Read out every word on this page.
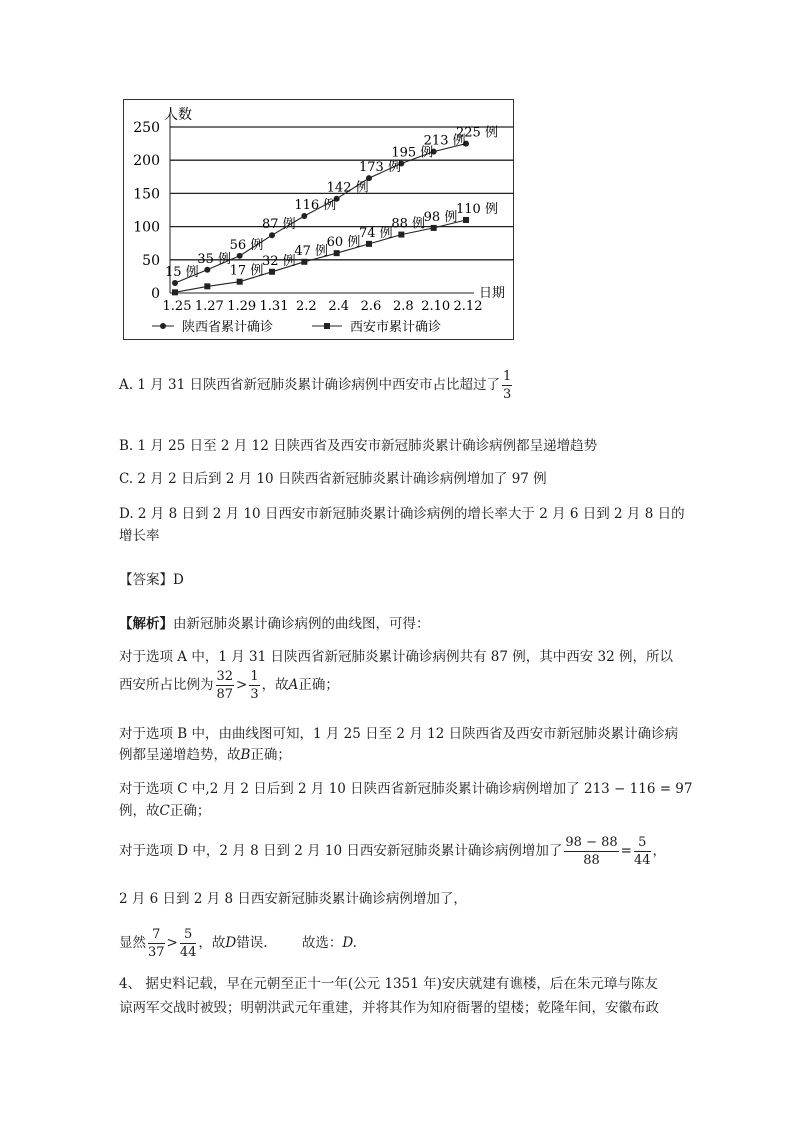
人数
日期
0
50
100
150
200
250
1.25 1.27 1.29 1.31 2.2 2.4 2.6 2.8 2.10 2.12
15 例
35 例
56 例
87 例
116 例
142 例
173 例
195 例
213 例
225 例
17 例
32 例
47 例
60 例
74 例
88 例
98 例
110 例
陕西省累计确诊	西安市累计确诊

A. 1 月 31 日陕西省新冠肺炎累计确诊病例中西安市占比超过了 $\frac{1}{3}$

B. 1 月 25 日至 2 月 12 日陕西省及西安市新冠肺炎累计确诊病例都呈递增趋势

C. 2 月 2 日后到 2 月 10 日陕西省新冠肺炎累计确诊病例增加了 97 例

D. 2 月 8 日到 2 月 10 日西安市新冠肺炎累计确诊病例的增长率大于 2 月 6 日到 2 月 8 日的

增长率

【答案】D

【解析】由新冠肺炎累计确诊病例的曲线图，可得：

对于选项 A 中，1 月 31 日陕西省新冠肺炎累计确诊病例共有 87 例，其中西安 32 例，所以

西安所占比例为 $\frac{32}{87} > \frac{1}{3}$ ，故A正确；

对于选项 B 中，由曲线图可知，1 月 25 日至 2 月 12 日陕西省及西安市新冠肺炎累计确诊病

例都呈递增趋势，故B正确；

对于选项 C 中,2 月 2 日后到 2 月 10 日陕西省新冠肺炎累计确诊病例增加了 213 − 116 = 97

例，故C正确；

对于选项 D 中，2 月 8 日到 2 月 10 日西安新冠肺炎累计确诊病例增加了 $\frac{98 - 88}{88} = \frac{5}{44}$ ，

2 月 6 日到 2 月 8 日西安新冠肺炎累计确诊病例增加了，

显然 $\frac{7}{37} > \frac{5}{44}$ ，故D错误.	故选：D.

4、 据史料记载，早在元朝至正十一年(公元 1351 年)安庆就建有谯楼，后在朱元璋与陈友

谅两军交战时被毁；明朝洪武元年重建，并将其作为知府衙署的望楼；乾隆年间，安徽布政
